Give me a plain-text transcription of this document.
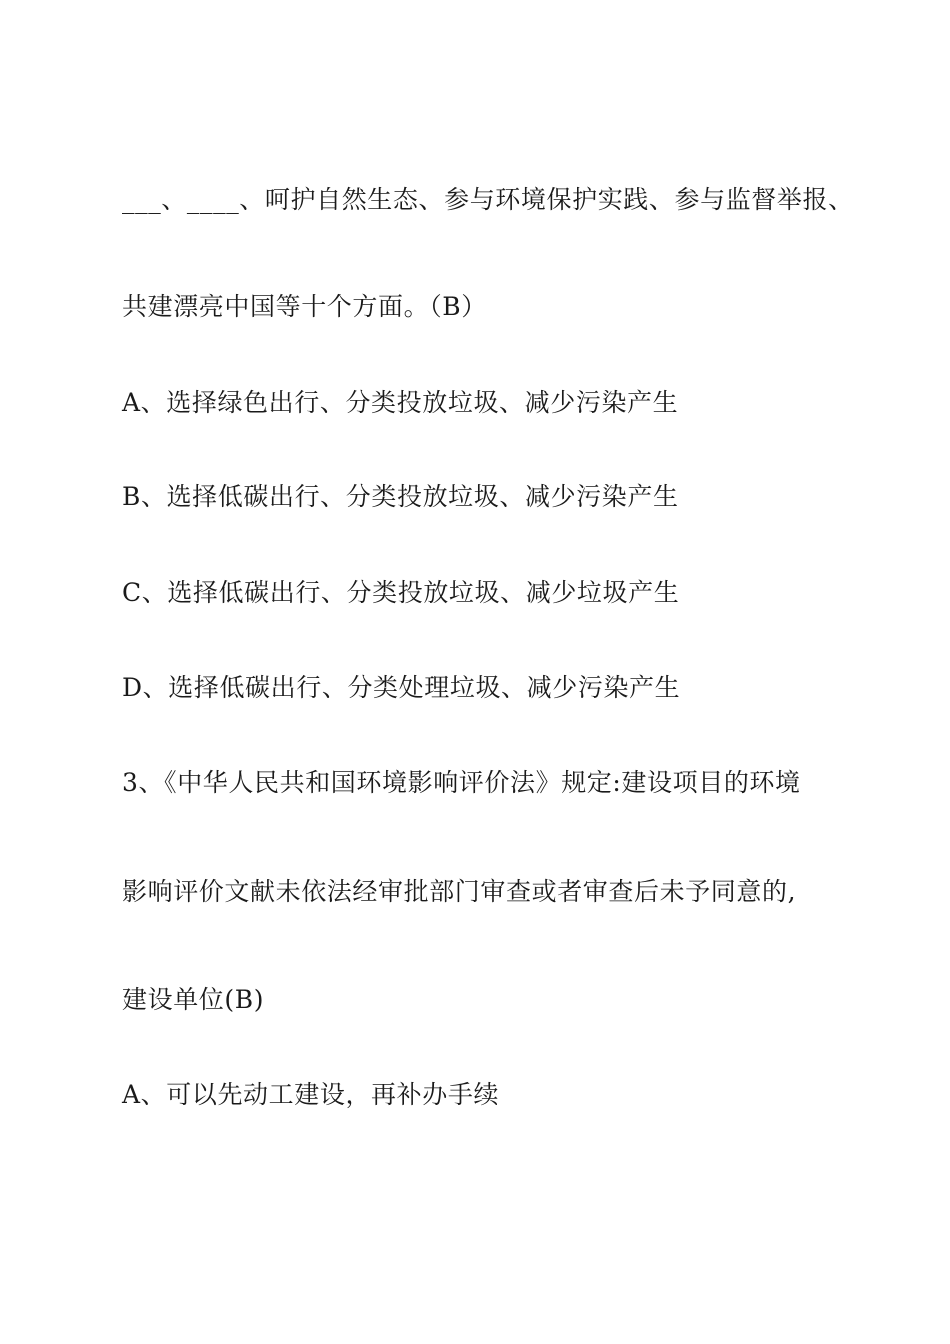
___、____、呵护自然生态、参与环境保护实践、参与监督举报、
共建漂亮中国等十个方面。（B）
A、选择绿色出行、分类投放垃圾、减少污染产生
B、选择低碳出行、分类投放垃圾、减少污染产生
C、选择低碳出行、分类投放垃圾、减少垃圾产生
D、选择低碳出行、分类处理垃圾、减少污染产生
3、《中华人民共和国环境影响评价法》规定:建设项目的环境
影响评价文献未依法经审批部门审查或者审查后未予同意的,
建设单位(B)
A、可以先动工建设，再补办手续
